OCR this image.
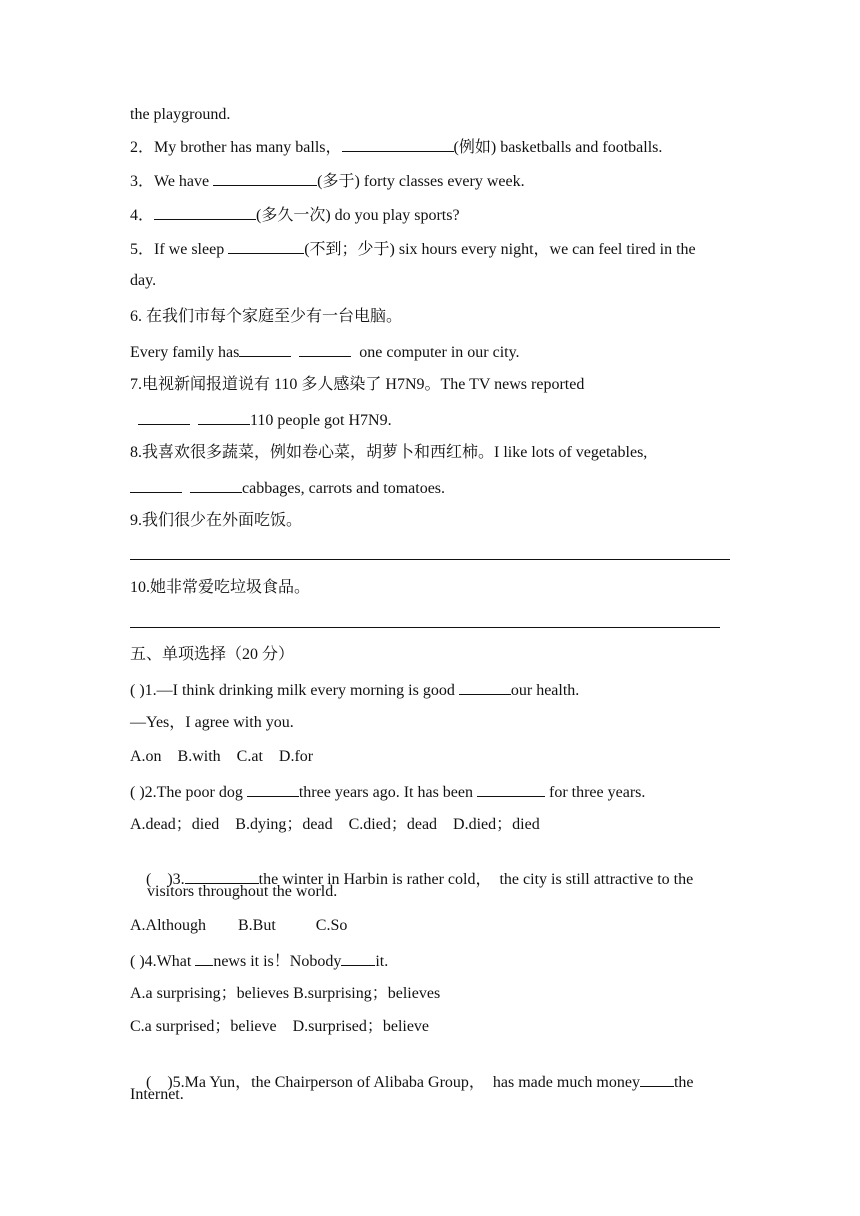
the playground.
2．My brother has many balls，	(例如) basketballs and footballs.
3．We have	(多于) forty classes every week.
4．	(多久一次) do you play sports?
5．If we sleep	(不到；少于) six hours every night，we can feel tired in the
day.
6. 在我们市每个家庭至少有一台电脑。
Every family has	one computer in our city.
7.电视新闻报道说有 110 多人感染了 H7N9。The TV news reported
110 people got H7N9.
8.我喜欢很多蔬菜，例如卷心菜，胡萝卜和西红柿。I like lots of vegetables,
cabbages, carrots and tomatoes.
9.我们很少在外面吃饭。
10.她非常爱吃垃圾食品。
五、单项选择（20 分）
( )1.—I think drinking milk every morning is good	our health.
—Yes，I agree with you.
A.on    B.with    C.at    D.for
( )2.The poor dog	three years ago. It has been	for three years.
A.dead；died    B.dying；dead    C.died；dead    D.died；died

(    )3.	the winter in Harbin is rather cold，  the city is still attractive to the

visitors throughout the world.
A.Although        B.But          C.So
( )4.What news it is！Nobody it.
A.a surprising；believes B.surprising；believes
C.a surprised；believe    D.surprised；believe

(    )5.Ma Yun，the Chairperson of Alibaba Group，  has made much money the

Internet.
